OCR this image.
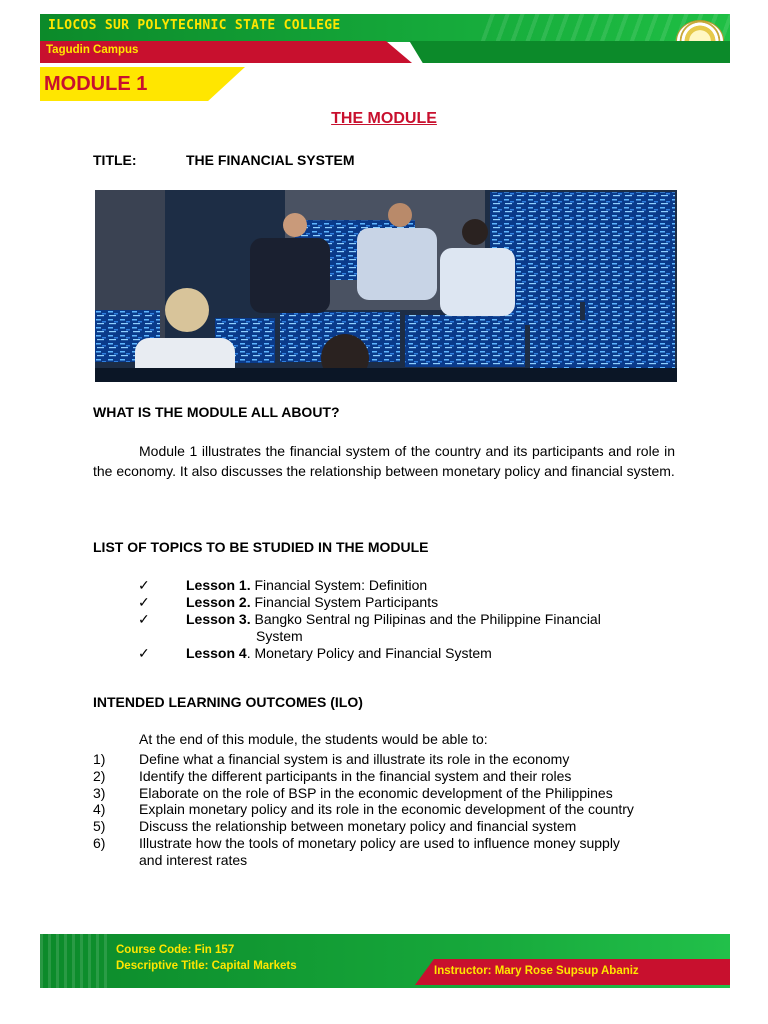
ILOCOS SUR POLYTECHNIC STATE COLLEGE
Tagudin Campus
MODULE 1
THE MODULE
TITLE:	THE FINANCIAL SYSTEM
WHAT IS THE MODULE ALL ABOUT?
Module 1 illustrates the financial system of the country and its participants and role in the economy. It also discusses the relationship between monetary policy and financial system.
LIST OF TOPICS TO BE STUDIED IN THE MODULE
✓	Lesson 1. Financial System: Definition
✓	Lesson 2. Financial System Participants
✓	Lesson 3. Bangko Sentral ng Pilipinas and the Philippine Financial
System
✓	Lesson 4. Monetary Policy and Financial System
INTENDED LEARNING OUTCOMES (ILO)
At the end of this module, the students would be able to:
1) Define what a financial system is and illustrate its role in the economy
2) Identify the different participants in the financial system and their roles
3) Elaborate on the role of BSP in the economic development of the Philippines
4) Explain monetary policy and its role in the economic development of the country
5) Discuss the relationship between monetary policy and financial system
6) Illustrate how the tools of monetary policy are used to influence money supply
and interest rates
Course Code: Fin 157
Descriptive Title: Capital Markets	Instructor: Mary Rose Supsup Abaniz
